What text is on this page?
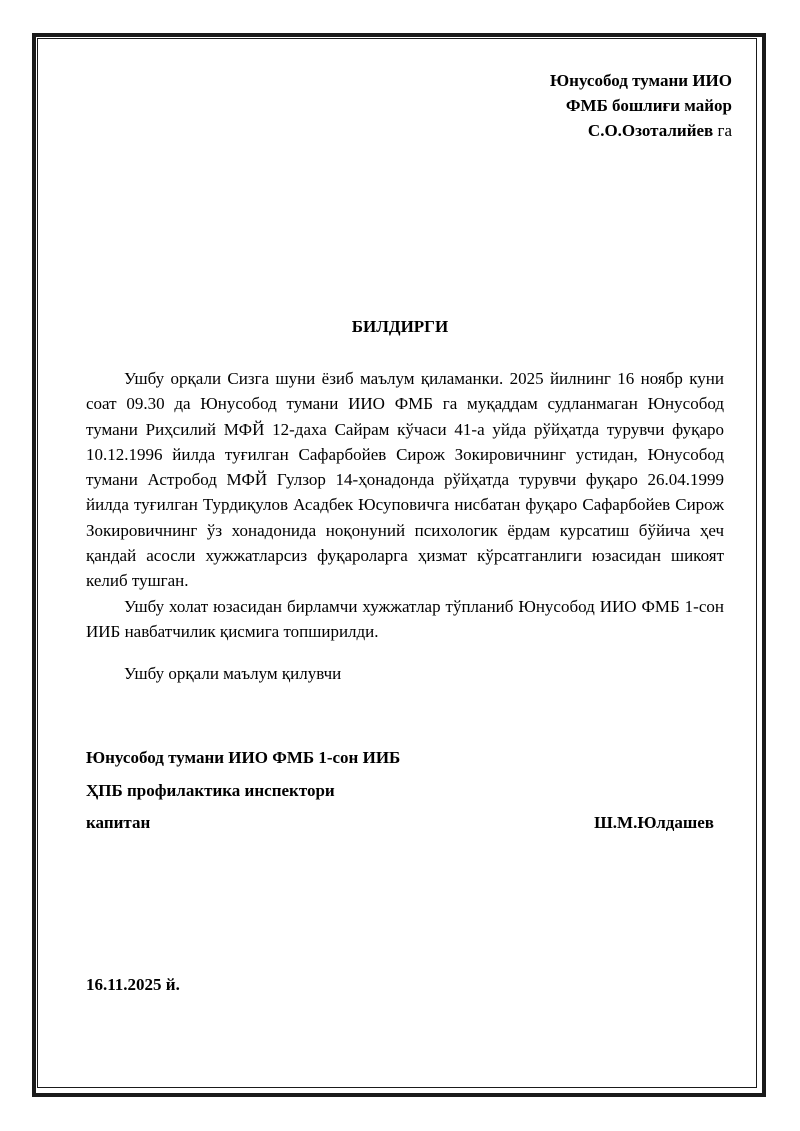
Юнусобод тумани ИИО
ФМБ бошлиғи майор
С.О.Озоталийев га
БИЛДИРГИ

Ушбу орқали Сизга шуни ёзиб маълум қиламанки. 2025 йилнинг 16 ноябр куни соат 09.30 да Юнусобод тумани ИИО ФМБ га муқаддам судланмаган Юнусобод тумани Риҳсилий МФЙ 12-даха Сайрам кўчаси 41-а уйда рўйҳатда турувчи фуқаро 10.12.1996 йилда туғилган Сафарбойев Сирож Зокировичнинг устидан, Юнусобод тумани Астробод МФЙ Гулзор 14-ҳонадонда рўйҳатда турувчи фуқаро 26.04.1999 йилда туғилган Турдиқулов Асадбек Юсуповичга нисбатан фуқаро Сафарбойев Сирож Зокировичнинг ўз хонадонида ноқонуний психологик ёрдам курсатиш бўйича ҳеч қандай асосли хужжатларсиз фуқароларга ҳизмат кўрсатганлиги юзасидан шикоят келиб тушган.

Ушбу холат юзасидан бирламчи хужжатлар тўпланиб Юнусобод ИИО ФМБ 1-сон ИИБ навбатчилик қисмига топширилди.

Ушбу орқали маълум қилувчи
Юнусобод тумани ИИО ФМБ 1-сон ИИБ
ҲПБ профилактика инспектори
капитан	Ш.М.Юлдашев
16.11.2025 й.
